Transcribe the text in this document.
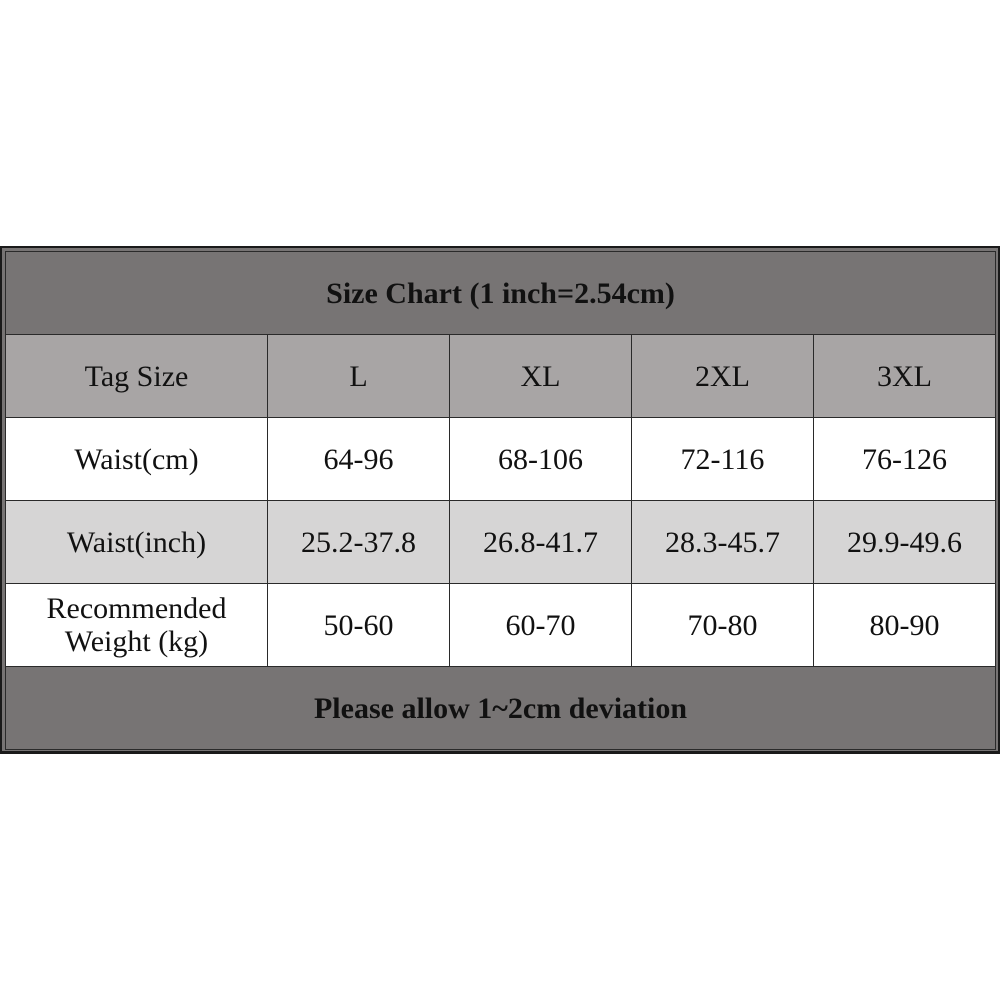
Size Chart (1 inch=2.54cm)				
Tag Size	L	XL	2XL	3XL
Waist(cm)	64-96	68-106	72-116	76-126
Waist(inch)	25.2-37.8	26.8-41.7	28.3-45.7	29.9-49.6
Recommended
Weight (kg)	50-60	60-70	70-80	80-90
Please allow 1~2cm deviation				
